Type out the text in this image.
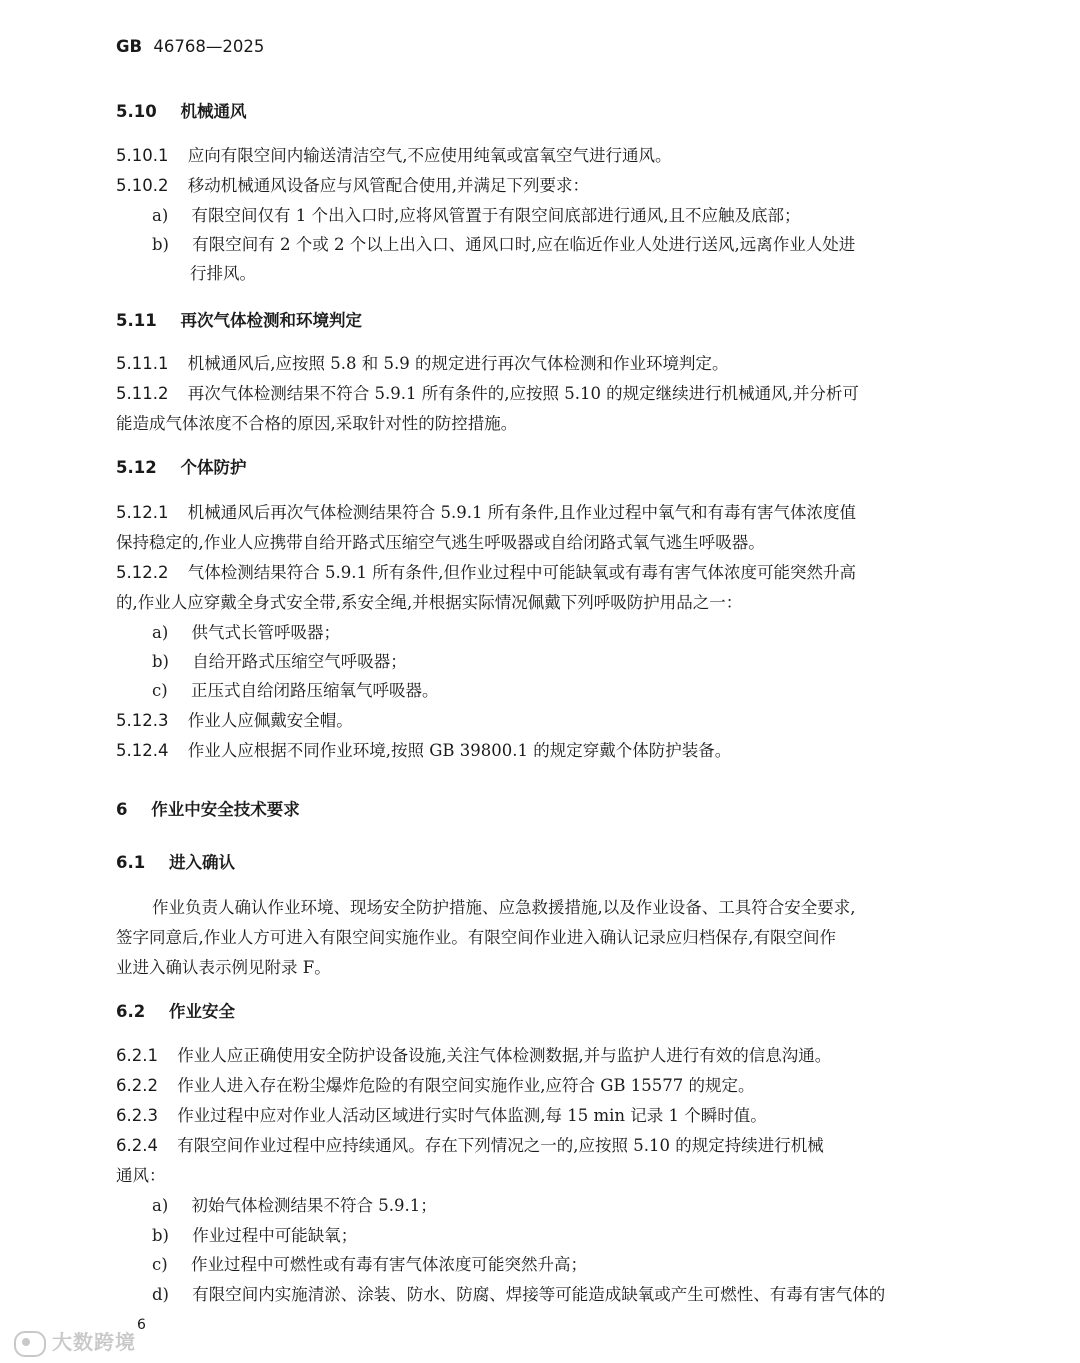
GB 46768—2025
5.10 机械通风
5.10.1 应向有限空间内输送清洁空气,不应使用纯氧或富氧空气进行通风。
5.10.2 移动机械通风设备应与风管配合使用,并满足下列要求：
a) 有限空间仅有 1 个出入口时,应将风管置于有限空间底部进行通风,且不应触及底部；
b) 有限空间有 2 个或 2 个以上出入口、通风口时,应在临近作业人处进行送风,远离作业人处进
行排风。
5.11 再次气体检测和环境判定
5.11.1 机械通风后,应按照 5.8 和 5.9 的规定进行再次气体检测和作业环境判定。
5.11.2 再次气体检测结果不符合 5.9.1 所有条件的,应按照 5.10 的规定继续进行机械通风,并分析可
能造成气体浓度不合格的原因,采取针对性的防控措施。
5.12 个体防护
5.12.1 机械通风后再次气体检测结果符合 5.9.1 所有条件,且作业过程中氧气和有毒有害气体浓度值
保持稳定的,作业人应携带自给开路式压缩空气逃生呼吸器或自给闭路式氧气逃生呼吸器。
5.12.2 气体检测结果符合 5.9.1 所有条件,但作业过程中可能缺氧或有毒有害气体浓度可能突然升高
的,作业人应穿戴全身式安全带,系安全绳,并根据实际情况佩戴下列呼吸防护用品之一：
a) 供气式长管呼吸器；
b) 自给开路式压缩空气呼吸器；
c) 正压式自给闭路压缩氧气呼吸器。
5.12.3 作业人应佩戴安全帽。
5.12.4 作业人应根据不同作业环境,按照 GB 39800.1 的规定穿戴个体防护装备。
6 作业中安全技术要求
6.1 进入确认
作业负责人确认作业环境、现场安全防护措施、应急救援措施,以及作业设备、工具符合安全要求,
签字同意后,作业人方可进入有限空间实施作业。有限空间作业进入确认记录应归档保存,有限空间作
业进入确认表示例见附录 F。
6.2 作业安全
6.2.1 作业人应正确使用安全防护设备设施,关注气体检测数据,并与监护人进行有效的信息沟通。
6.2.2 作业人进入存在粉尘爆炸危险的有限空间实施作业,应符合 GB 15577 的规定。
6.2.3 作业过程中应对作业人活动区域进行实时气体监测,每 15 min 记录 1 个瞬时值。
6.2.4 有限空间作业过程中应持续通风。存在下列情况之一的,应按照 5.10 的规定持续进行机械
通风：
a) 初始气体检测结果不符合 5.9.1；
b) 作业过程中可能缺氧；
c) 作业过程中可燃性或有毒有害气体浓度可能突然升高；
d) 有限空间内实施清淤、涂装、防水、防腐、焊接等可能造成缺氧或产生可燃性、有毒有害气体的
6
大数跨境
